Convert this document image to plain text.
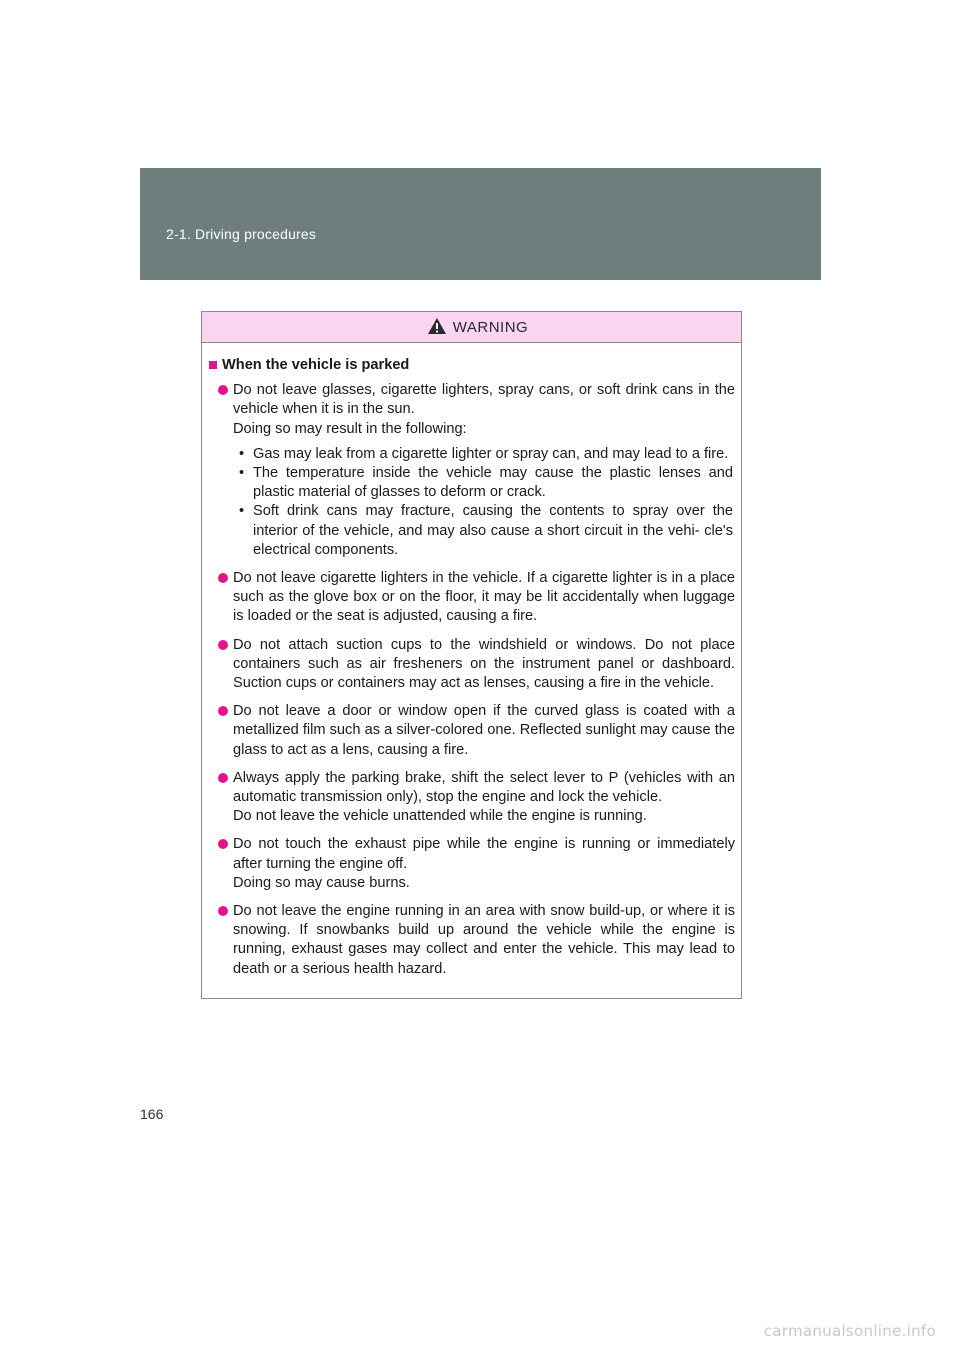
2-1. Driving procedures
WARNING
When the vehicle is parked
Do not leave glasses, cigarette lighters, spray cans, or soft drink cans in the vehicle when it is in the sun.
Doing so may result in the following:
• Gas may leak from a cigarette lighter or spray can, and may lead to a fire.
• The temperature inside the vehicle may cause the plastic lenses and plastic material of glasses to deform or crack.
• Soft drink cans may fracture, causing the contents to spray over the interior of the vehicle, and may also cause a short circuit in the vehi- cle's electrical components.
Do not leave cigarette lighters in the vehicle. If a cigarette lighter is in a place such as the glove box or on the floor, it may be lit accidentally when luggage is loaded or the seat is adjusted, causing a fire.
Do not attach suction cups to the windshield or windows. Do not place containers such as air fresheners on the instrument panel or dashboard. Suction cups or containers may act as lenses, causing a fire in the vehicle.
Do not leave a door or window open if the curved glass is coated with a metallized film such as a silver-colored one. Reflected sunlight may cause the glass to act as a lens, causing a fire.
Always apply the parking brake, shift the select lever to P (vehicles with an automatic transmission only), stop the engine and lock the vehicle.
Do not leave the vehicle unattended while the engine is running.
Do not touch the exhaust pipe while the engine is running or immediately after turning the engine off.
Doing so may cause burns.
Do not leave the engine running in an area with snow build-up, or where it is snowing. If snowbanks build up around the vehicle while the engine is running, exhaust gases may collect and enter the vehicle. This may lead to death or a serious health hazard.
166
carmanualsonline.info
